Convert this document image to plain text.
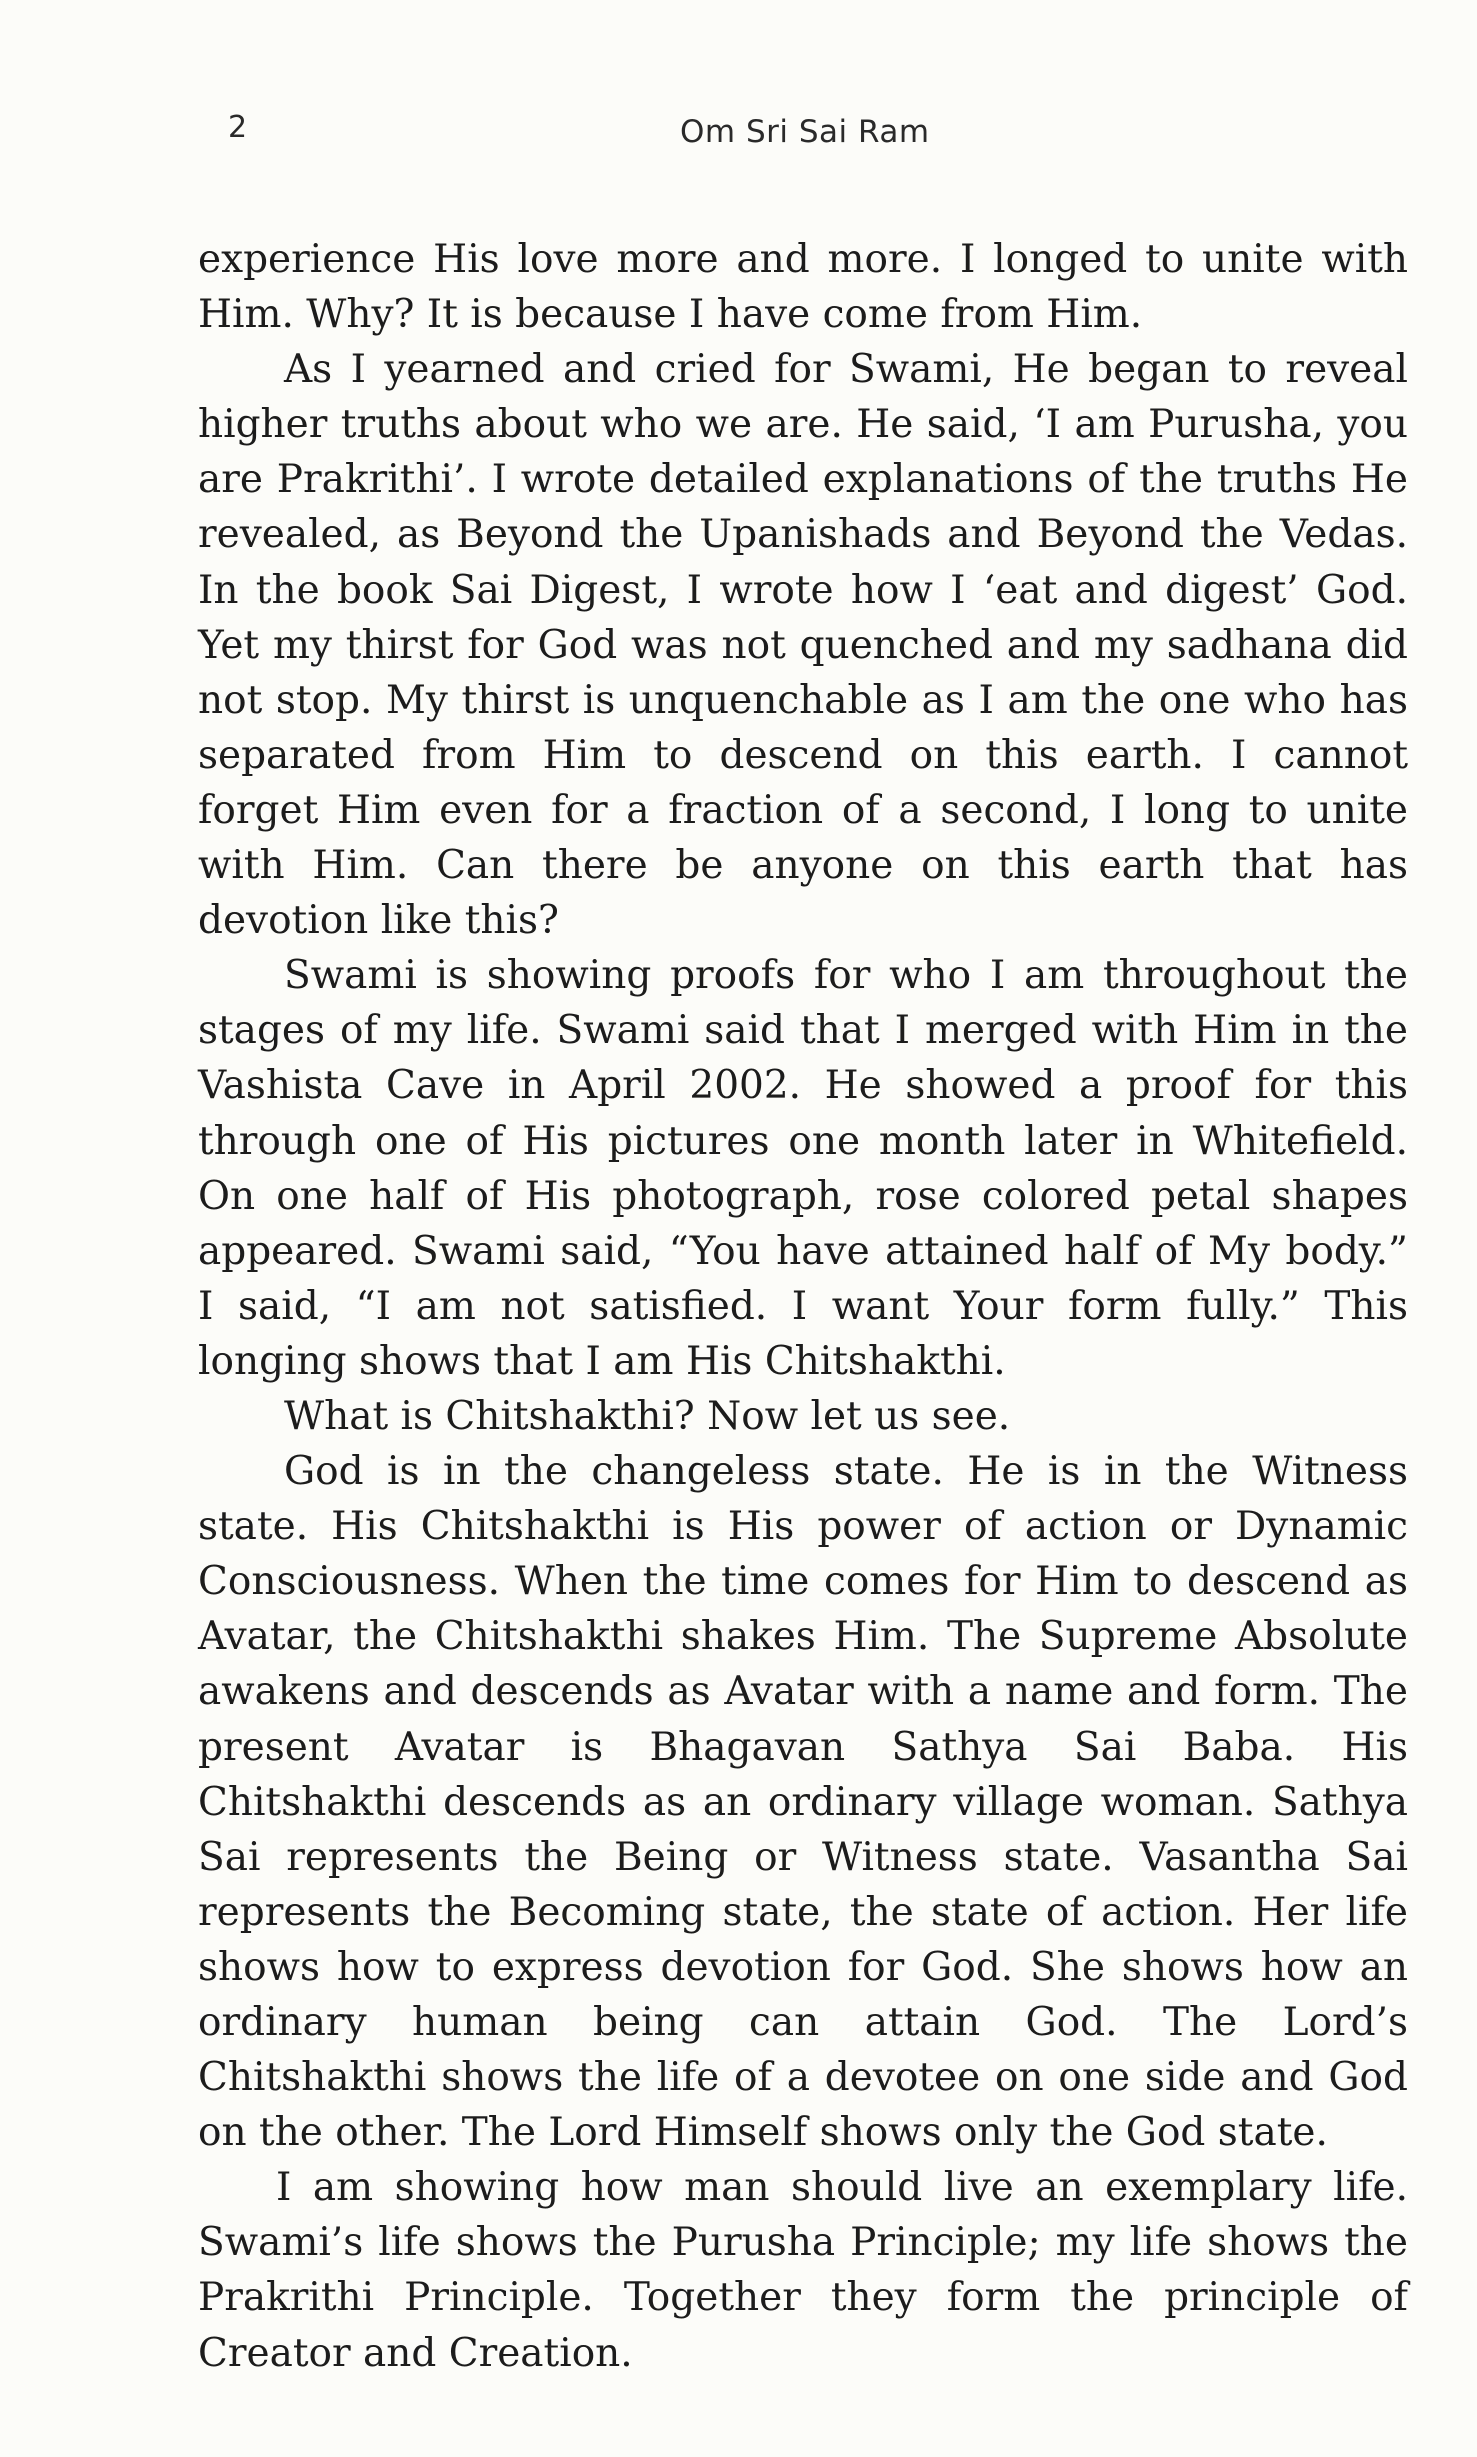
2	Om Sri Sai Ram

experience His love more and more. I longed to unite with Him. Why? It is because I have come from Him.

As I yearned and cried for Swami, He began to reveal higher truths about who we are. He said, ‘I am Purusha, you are Prakrithi’. I wrote detailed explanations of the truths He revealed, as Beyond the Upanishads and Beyond the Vedas. In the book Sai Digest, I wrote how I ‘eat and digest’ God. Yet my thirst for God was not quenched and my sadhana did not stop. My thirst is unquenchable as I am the one who has separated from Him to descend on this earth. I cannot forget Him even for a fraction of a second, I long to unite with Him. Can there be anyone on this earth that has devotion like this?

Swami is showing proofs for who I am throughout the stages of my life. Swami said that I merged with Him in the Vashista Cave in April 2002. He showed a proof for this through one of His pictures one month later in Whitefield. On one half of His photograph, rose colored petal shapes appeared. Swami said, “You have attained half of My body.” I said, “I am not satisfied. I want Your form fully.” This longing shows that I am His Chitshakthi.

What is Chitshakthi? Now let us see.

God is in the changeless state. He is in the Witness state. His Chitshakthi is His power of action or Dynamic Consciousness. When the time comes for Him to descend as Avatar, the Chitshakthi shakes Him. The Supreme Absolute awakens and descends as Avatar with a name and form. The present Avatar is Bhagavan Sathya Sai Baba. His Chitshakthi descends as an ordinary village woman. Sathya Sai represents the Being or Witness state. Vasantha Sai represents the Becoming state, the state of action. Her life shows how to express devotion for God. She shows how an ordinary human being can attain God. The Lord’s Chitshakthi shows the life of a devotee on one side and God on the other. The Lord Himself shows only the God state.

I am showing how man should live an exemplary life. Swami’s life shows the Purusha Principle; my life shows the Prakrithi Principle. Together they form the principle of Creator and Creation.
